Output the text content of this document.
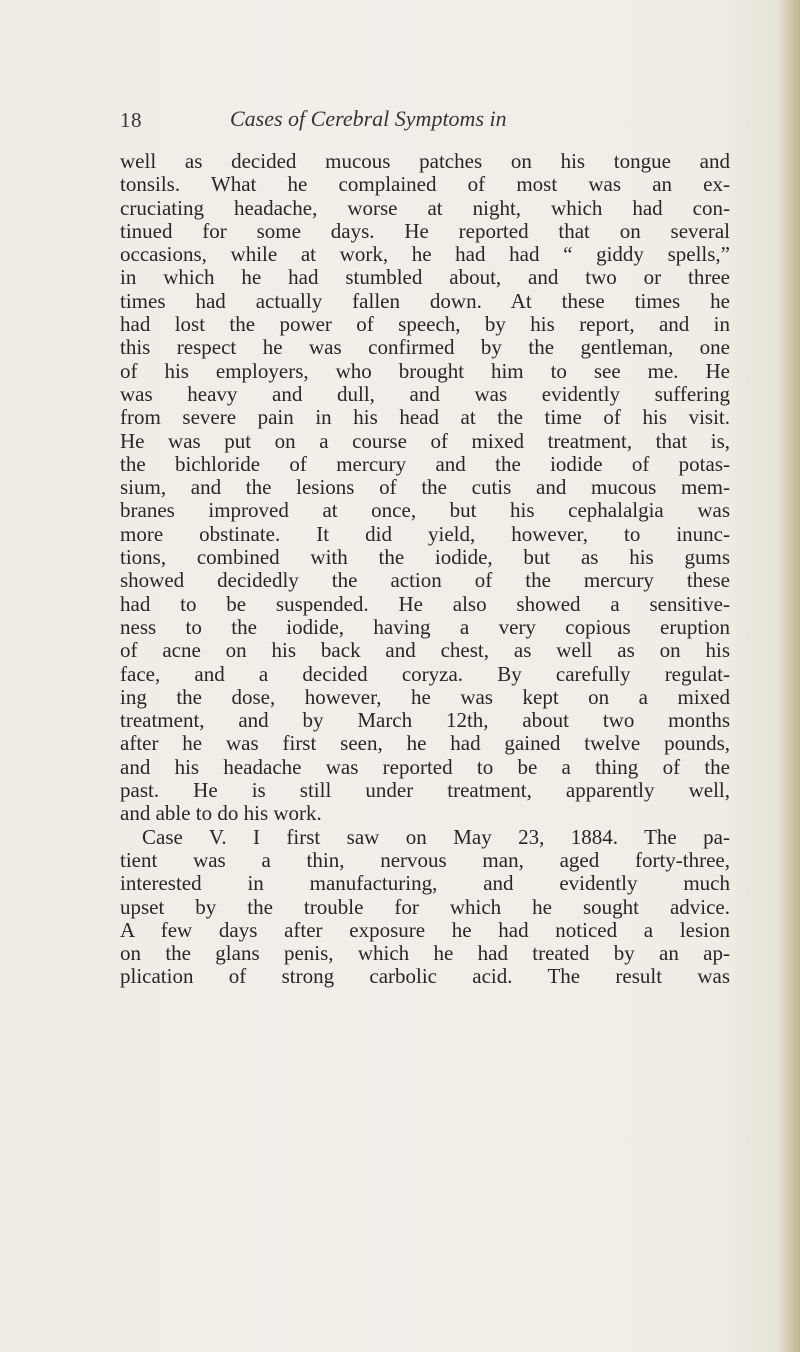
18	Cases of Cerebral Symptoms in
well as decided mucous patches on his tongue and
tonsils. What he complained of most was an ex-
cruciating headache, worse at night, which had con-
tinued for some days. He reported that on several
occasions, while at work, he had had “ giddy spells,”
in which he had stumbled about, and two or three
times had actually fallen down. At these times he
had lost the power of speech, by his report, and in
this respect he was confirmed by the gentleman, one
of his employers, who brought him to see me. He
was heavy and dull, and was evidently suffering
from severe pain in his head at the time of his visit.
He was put on a course of mixed treatment, that is,
the bichloride of mercury and the iodide of potas-
sium, and the lesions of the cutis and mucous mem-
branes improved at once, but his cephalalgia was
more obstinate. It did yield, however, to inunc-
tions, combined with the iodide, but as his gums
showed decidedly the action of the mercury these
had to be suspended. He also showed a sensitive-
ness to the iodide, having a very copious eruption
of acne on his back and chest, as well as on his
face, and a decided coryza. By carefully regulat-
ing the dose, however, he was kept on a mixed
treatment, and by March 12th, about two months
after he was first seen, he had gained twelve pounds,
and his headache was reported to be a thing of the
past. He is still under treatment, apparently well,
and able to do his work.
Case V. I first saw on May 23, 1884. The pa-
tient was a thin, nervous man, aged forty-three,
interested in manufacturing, and evidently much
upset by the trouble for which he sought advice.
A few days after exposure he had noticed a lesion
on the glans penis, which he had treated by an ap-
plication of strong carbolic acid. The result was
